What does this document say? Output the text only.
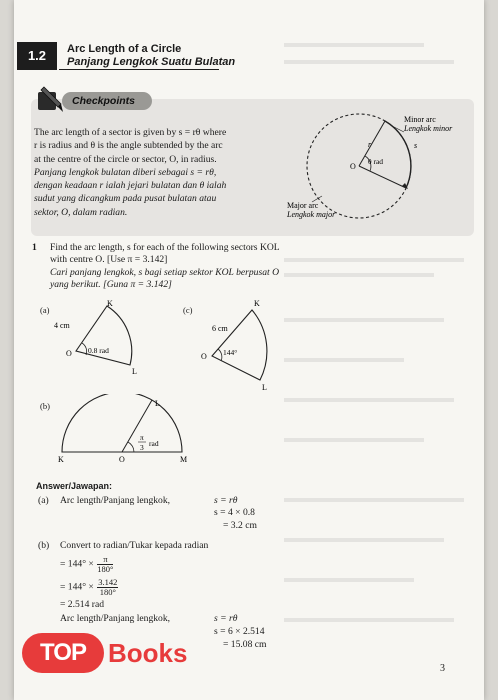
1.2	Arc Length of a Circle
Panjang Lengkok Suatu Bulatan
Checkpoints

The arc length of a sector is given by s = rθ where

r is radius and θ is the angle subtended by the arc

at the centre of the circle or sector, O, in radius.

Panjang lengkok bulatan diberi sebagai s = rθ,

dengan keadaan r ialah jejari bulatan dan θ ialah

sudut yang dicangkum pada pusat bulatan atau

sektor, O, dalam radian.

Minor arc
Lengkok minor
Major arc
Lengkok major
O
r	s
θ rad
1 Find the arc length, s for each of the following sectors KOL

with centre O. [Use π = 3.142]

Cari panjang lengkok, s bagi setiap sektor KOL berpusat O

yang berikut. [Guna π = 3.142]

(a)
K
L
O
4 cm
0.8 rad
(c)
K
L
O
6 cm
144°
(b)	L
K	O	M
π
3 rad
Answer/Jawapan:
(a) Arc length/Panjang lengkok,	s = rθ
s = 4 × 0.8
= 3.2 cm
(b) Convert to radian/Tukar kepada radian
= $144^\circ \times \frac{\pi}{180^\circ}$
= $144^\circ \times \frac{3.142}{180^\circ}$
= 2.514 rad
Arc length/Panjang lengkok,	s = rθ
s = 6 × 2.514
= 15.08 cm
3
TOP Books
